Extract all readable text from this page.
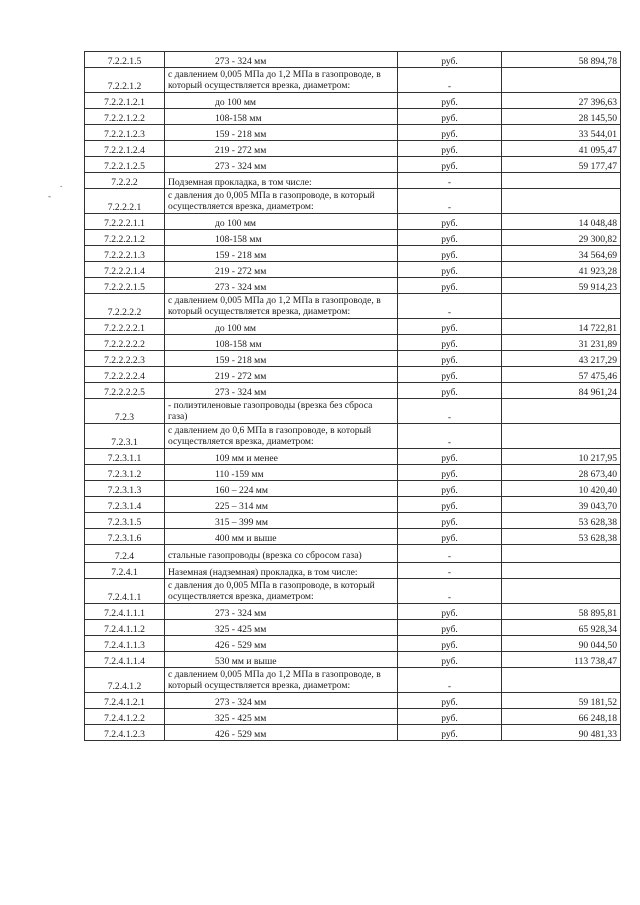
7.2.2.1.5	273 - 324 мм	руб.	58 894,78
7.2.2.1.2	с давлением 0,005 МПа до 1,2 МПа в газопроводе, в который осуществляется врезка, диаметром:	-	
7.2.2.1.2.1	до 100 мм	руб.	27 396,63
7.2.2.1.2.2	108-158 мм	руб.	28 145,50
7.2.2.1.2.3	159 - 218 мм	руб.	33 544,01
7.2.2.1.2.4	219 - 272 мм	руб.	41 095,47
7.2.2.1.2.5	273 - 324 мм	руб.	59 177,47
7.2.2.2	Подземная прокладка, в том числе:	-	
7.2.2.2.1	с давления до 0,005 МПа в газопроводе, в который осуществляется врезка, диаметром:	-	
7.2.2.2.1.1	до 100 мм	руб.	14 048,48
7.2.2.2.1.2	108-158 мм	руб.	29 300,82
7.2.2.2.1.3	159 - 218 мм	руб.	34 564,69
7.2.2.2.1.4	219 - 272 мм	руб.	41 923,28
7.2.2.2.1.5	273 - 324 мм	руб.	59 914,23
7.2.2.2.2	с давлением 0,005 МПа до 1,2 МПа в газопроводе, в который осуществляется врезка, диаметром:	-	
7.2.2.2.2.1	до 100 мм	руб.	14 722,81
7.2.2.2.2.2	108-158 мм	руб.	31 231,89
7.2.2.2.2.3	159 - 218 мм	руб.	43 217,29
7.2.2.2.2.4	219 - 272 мм	руб.	57 475,46
7.2.2.2.2.5	273 - 324 мм	руб.	84 961,24
7.2.3	- полиэтиленовые газопроводы (врезка без сброса газа)	-	
7.2.3.1	с давлением до 0,6 МПа в газопроводе, в который осуществляется врезка, диаметром:	-	
7.2.3.1.1	109 мм и менее	руб.	10 217,95
7.2.3.1.2	110 -159 мм	руб.	28 673,40
7.2.3.1.3	160 – 224 мм	руб.	10 420,40
7.2.3.1.4	225 – 314 мм	руб.	39 043,70
7.2.3.1.5	315 – 399 мм	руб.	53 628,38
7.2.3.1.6	400 мм и выше	руб.	53 628,38
7.2.4	стальные газопроводы (врезка со сбросом газа)	-	
7.2.4.1	Наземная (надземная) прокладка, в том числе:	-	
7.2.4.1.1	с давления до 0,005 МПа в газопроводе, в который осуществляется врезка, диаметром:	-	
7.2.4.1.1.1	273 - 324 мм	руб.	58 895,81
7.2.4.1.1.2	325 - 425 мм	руб.	65 928,34
7.2.4.1.1.3	426 - 529 мм	руб.	90 044,50
7.2.4.1.1.4	530 мм и выше	руб.	113 738,47
7.2.4.1.2	с давлением 0,005 МПа до 1,2 МПа в газопроводе, в который осуществляется врезка, диаметром:	-	
7.2.4.1.2.1	273 - 324 мм	руб.	59 181,52
7.2.4.1.2.2	325 - 425 мм	руб.	66 248,18
7.2.4.1.2.3	426 - 529 мм	руб.	90 481,33
.
-
